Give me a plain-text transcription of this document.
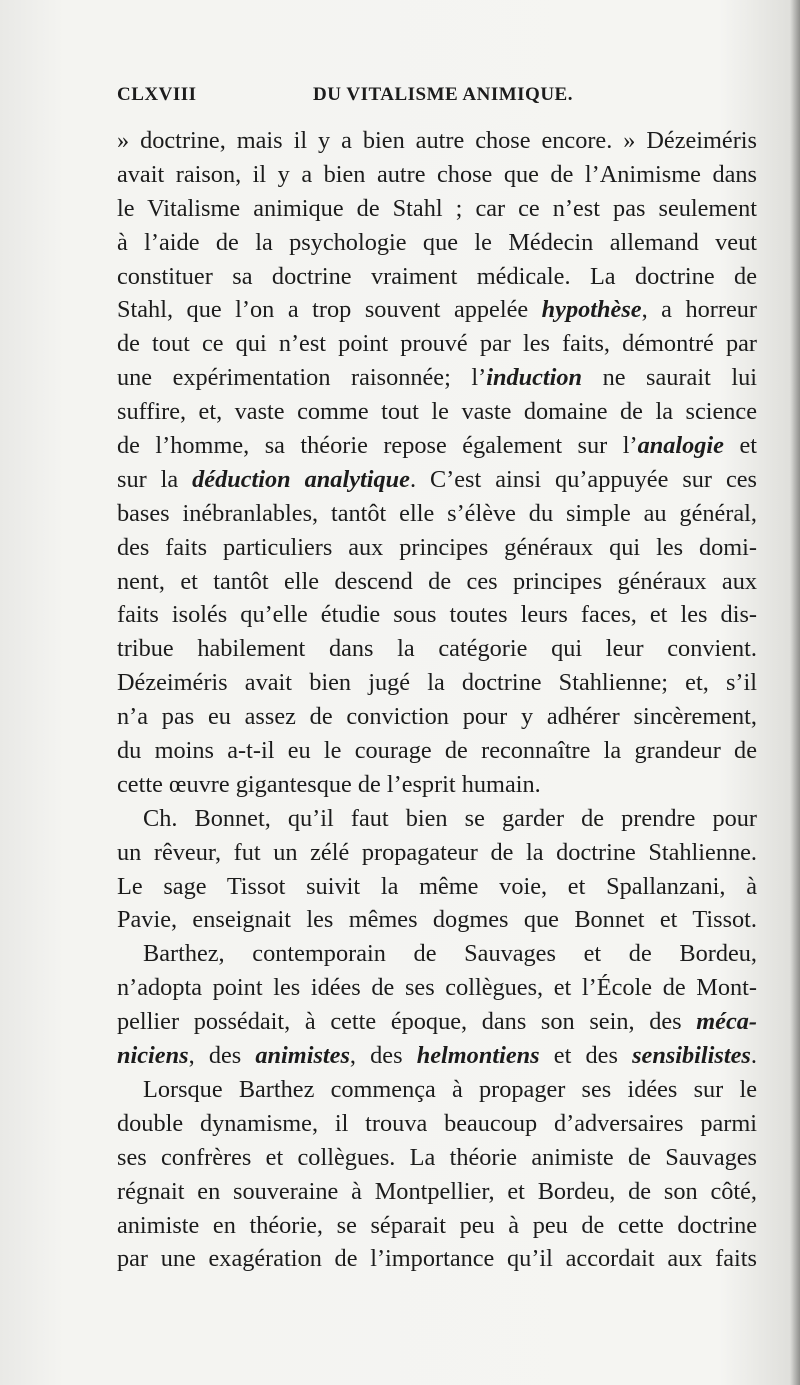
CLXVIII	DU VITALISME ANIMIQUE.
» doctrine, mais il y a bien autre chose encore. » Dézeiméris
avait raison, il y a bien autre chose que de l’Animisme dans
le Vitalisme animique de Stahl ; car ce n’est pas seulement
à l’aide de la psychologie que le Médecin allemand veut
constituer sa doctrine vraiment médicale. La doctrine de
Stahl, que l’on a trop souvent appelée hypothèse, a horreur
de tout ce qui n’est point prouvé par les faits, démontré par
une expérimentation raisonnée; l’induction ne saurait lui
suffire, et, vaste comme tout le vaste domaine de la science
de l’homme, sa théorie repose également sur l’analogie et
sur la déduction analytique. C’est ainsi qu’appuyée sur ces
bases inébranlables, tantôt elle s’élève du simple au général,
des faits particuliers aux principes généraux qui les domi-
nent, et tantôt elle descend de ces principes généraux aux
faits isolés qu’elle étudie sous toutes leurs faces, et les dis-
tribue habilement dans la catégorie qui leur convient.
Dézeiméris avait bien jugé la doctrine Stahlienne; et, s’il
n’a pas eu assez de conviction pour y adhérer sincèrement,
du moins a-t-il eu le courage de reconnaître la grandeur de
cette œuvre gigantesque de l’esprit humain.
Ch. Bonnet, qu’il faut bien se garder de prendre pour
un rêveur, fut un zélé propagateur de la doctrine Stahlienne.
Le sage Tissot suivit la même voie, et Spallanzani, à
Pavie, enseignait les mêmes dogmes que Bonnet et Tissot.
Barthez, contemporain de Sauvages et de Bordeu,
n’adopta point les idées de ses collègues, et l’École de Mont-
pellier possédait, à cette époque, dans son sein, des méca-
niciens, des animistes, des helmontiens et des sensibilistes.
Lorsque Barthez commença à propager ses idées sur le
double dynamisme, il trouva beaucoup d’adversaires parmi
ses confrères et collègues. La théorie animiste de Sauvages
régnait en souveraine à Montpellier, et Bordeu, de son côté,
animiste en théorie, se séparait peu à peu de cette doctrine
par une exagération de l’importance qu’il accordait aux faits
